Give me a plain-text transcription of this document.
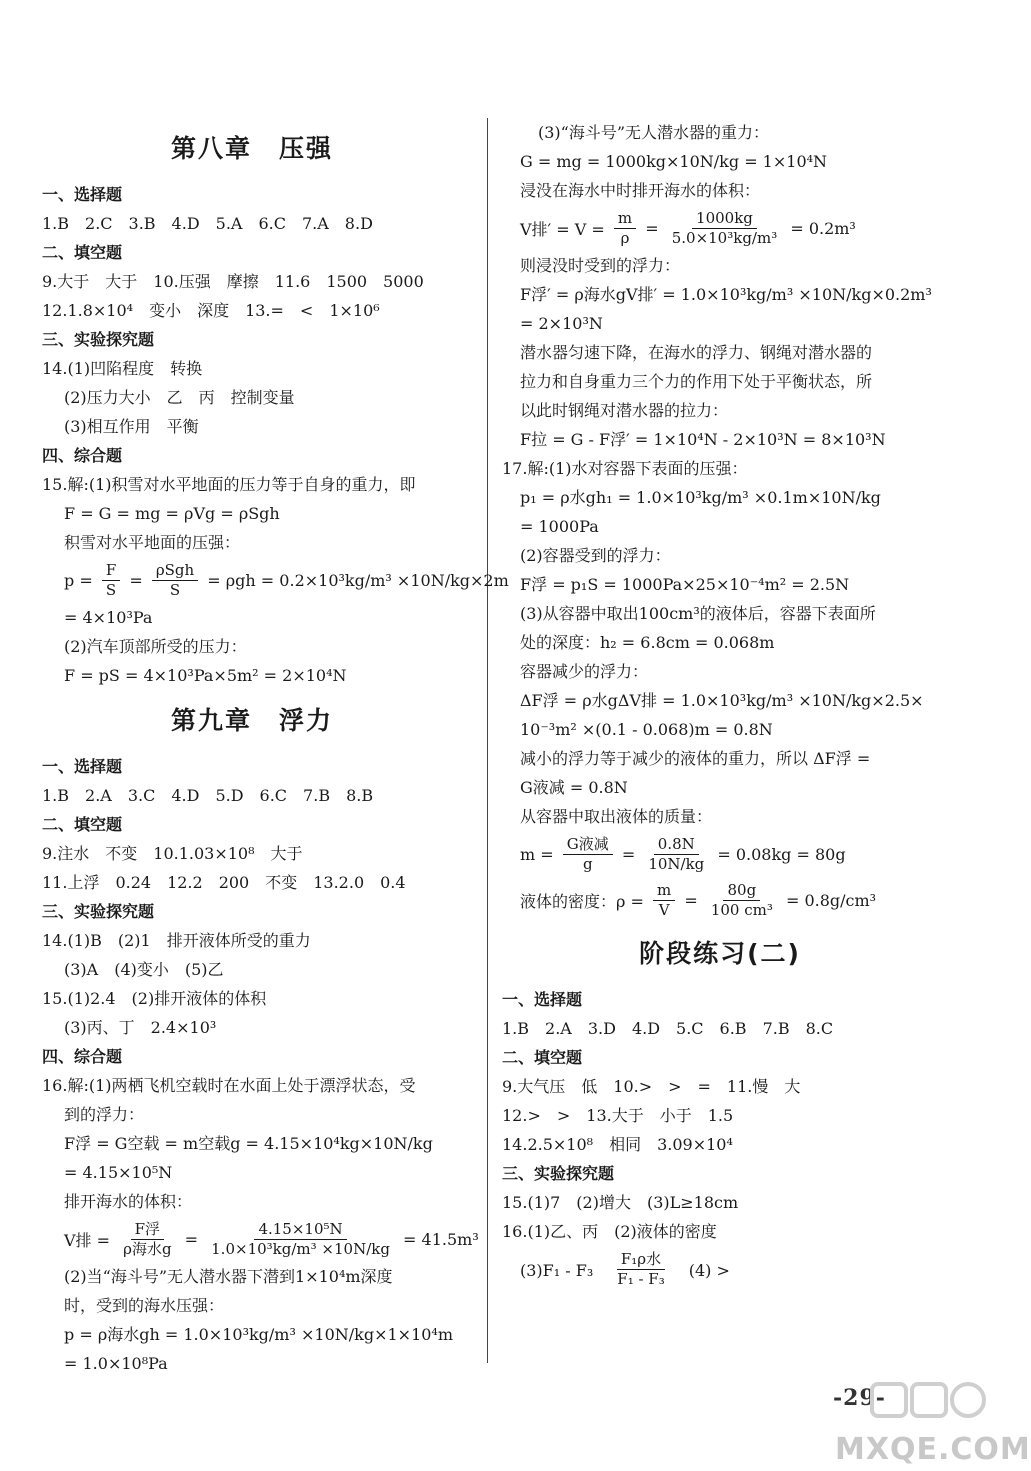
第八章　压强
一、选择题
1.B　2.C　3.B　4.D　5.A　6.C　7.A　8.D
二、填空题
9.大于　大于　10.压强　摩擦　11.6　1500　5000
12.1.8×10⁴　变小　深度　13.=　<　1×10⁶
三、实验探究题
14.(1)凹陷程度　转换
(2)压力大小　乙　丙　控制变量
(3)相互作用　平衡
四、综合题
15.解:(1)积雪对水平地面的压力等于自身的重力，即
F = G = mg = ρVg = ρSgh
积雪对水平地面的压强：
$p = \frac{F}{S} = \frac{\text{ρSgh}}{S} = \rho gh = 0.2\times 10^3kg/m^3 \times 10N/kg\times 2m$
= 4×10³Pa
(2)汽车顶部所受的压力：
F = pS = 4×10³Pa×5m² = 2×10⁴N
第九章　浮力
一、选择题
1.B　2.A　3.C　4.D　5.D　6.C　7.B　8.B
二、填空题
9.注水　不变　10.1.03×10⁸　大于
11.上浮　0.24　12.2　200　不变　13.2.0　0.4
三、实验探究题
14.(1)B　(2)1　排开液体所受的重力
(3)A　(4)变小　(5)乙
15.(1)2.4　(2)排开液体的体积
(3)丙、丁　2.4×10³
四、综合题
16.解:(1)两栖飞机空载时在水面上处于漂浮状态，受
到的浮力：
F浮 = G空载 = m空载g = 4.15×10⁴kg×10N/kg
= 4.15×10⁵N
排开海水的体积：
V排 = $\frac{\text{F浮}}{\text{ρ海水g}} = \frac{\text{4.15×10⁵N}}{\text{1.0×10³kg/m³ ×10N/kg}} = 41.5m^3$
(2)当“海斗号”无人潜水器下潜到1×10⁴m深度
时，受到的海水压强：
p = ρ海水gh = 1.0×10³kg/m³ ×10N/kg×1×10⁴m
= 1.0×10⁸Pa
(3)“海斗号”无人潜水器的重力：
G = mg = 1000kg×10N/kg = 1×10⁴N
浸没在海水中时排开海水的体积：
V排′ = $V = \frac{m}{\rho} = \frac{1000kg}{\text{5.0×10³kg/m³}} = 0.2m^3$
则浸没时受到的浮力：
F浮′ = ρ海水gV排′ = 1.0×10³kg/m³ ×10N/kg×0.2m³
= 2×10³N
潜水器匀速下降，在海水的浮力、钢绳对潜水器的
拉力和自身重力三个力的作用下处于平衡状态，所
以此时钢绳对潜水器的拉力：
F拉 = G - F浮′ = 1×10⁴N - 2×10³N = 8×10³N
17.解:(1)水对容器下表面的压强：
p₁ = ρ水gh₁ = 1.0×10³kg/m³ ×0.1m×10N/kg
= 1000Pa
(2)容器受到的浮力：
F浮 = p₁S = 1000Pa×25×10⁻⁴m² = 2.5N
(3)从容器中取出100cm³的液体后，容器下表面所
处的深度：h₂ = 6.8cm = 0.068m
容器减少的浮力：
ΔF浮 = ρ水gΔV排 = 1.0×10³kg/m³ ×10N/kg×2.5×
10⁻³m² ×(0.1 - 0.068)m = 0.8N
减小的浮力等于减少的液体的重力，所以 ΔF浮 =
G液减 = 0.8N
从容器中取出液体的质量：
$m = \frac{\text{G液减}}{g} = \frac{0.8N}{10N/kg} = 0.08kg = 80g$
液体的密度：$\rho = \frac{m}{V} = \frac{80g}{\text{100 cm³}} = 0.8g/cm^3$
阶段练习(二)
一、选择题
1.B　2.A　3.D　4.D　5.C　6.B　7.B　8.C
二、填空题
9.大气压　低　10.>　>　=　11.慢　大
12.>　>　13.大于　小于　1.5
14.2.5×10⁸　相同　3.09×10⁴
三、实验探究题
15.(1)7　(2)增大　(3)L≥18cm
16.(1)乙、丙　(2)液体的密度
(3)F₁ - F₃　 $\frac{\text{F₁ρ水}}{\text{F₁ - F₃}}$ 　(4) >
-29-
MXQE.COM
